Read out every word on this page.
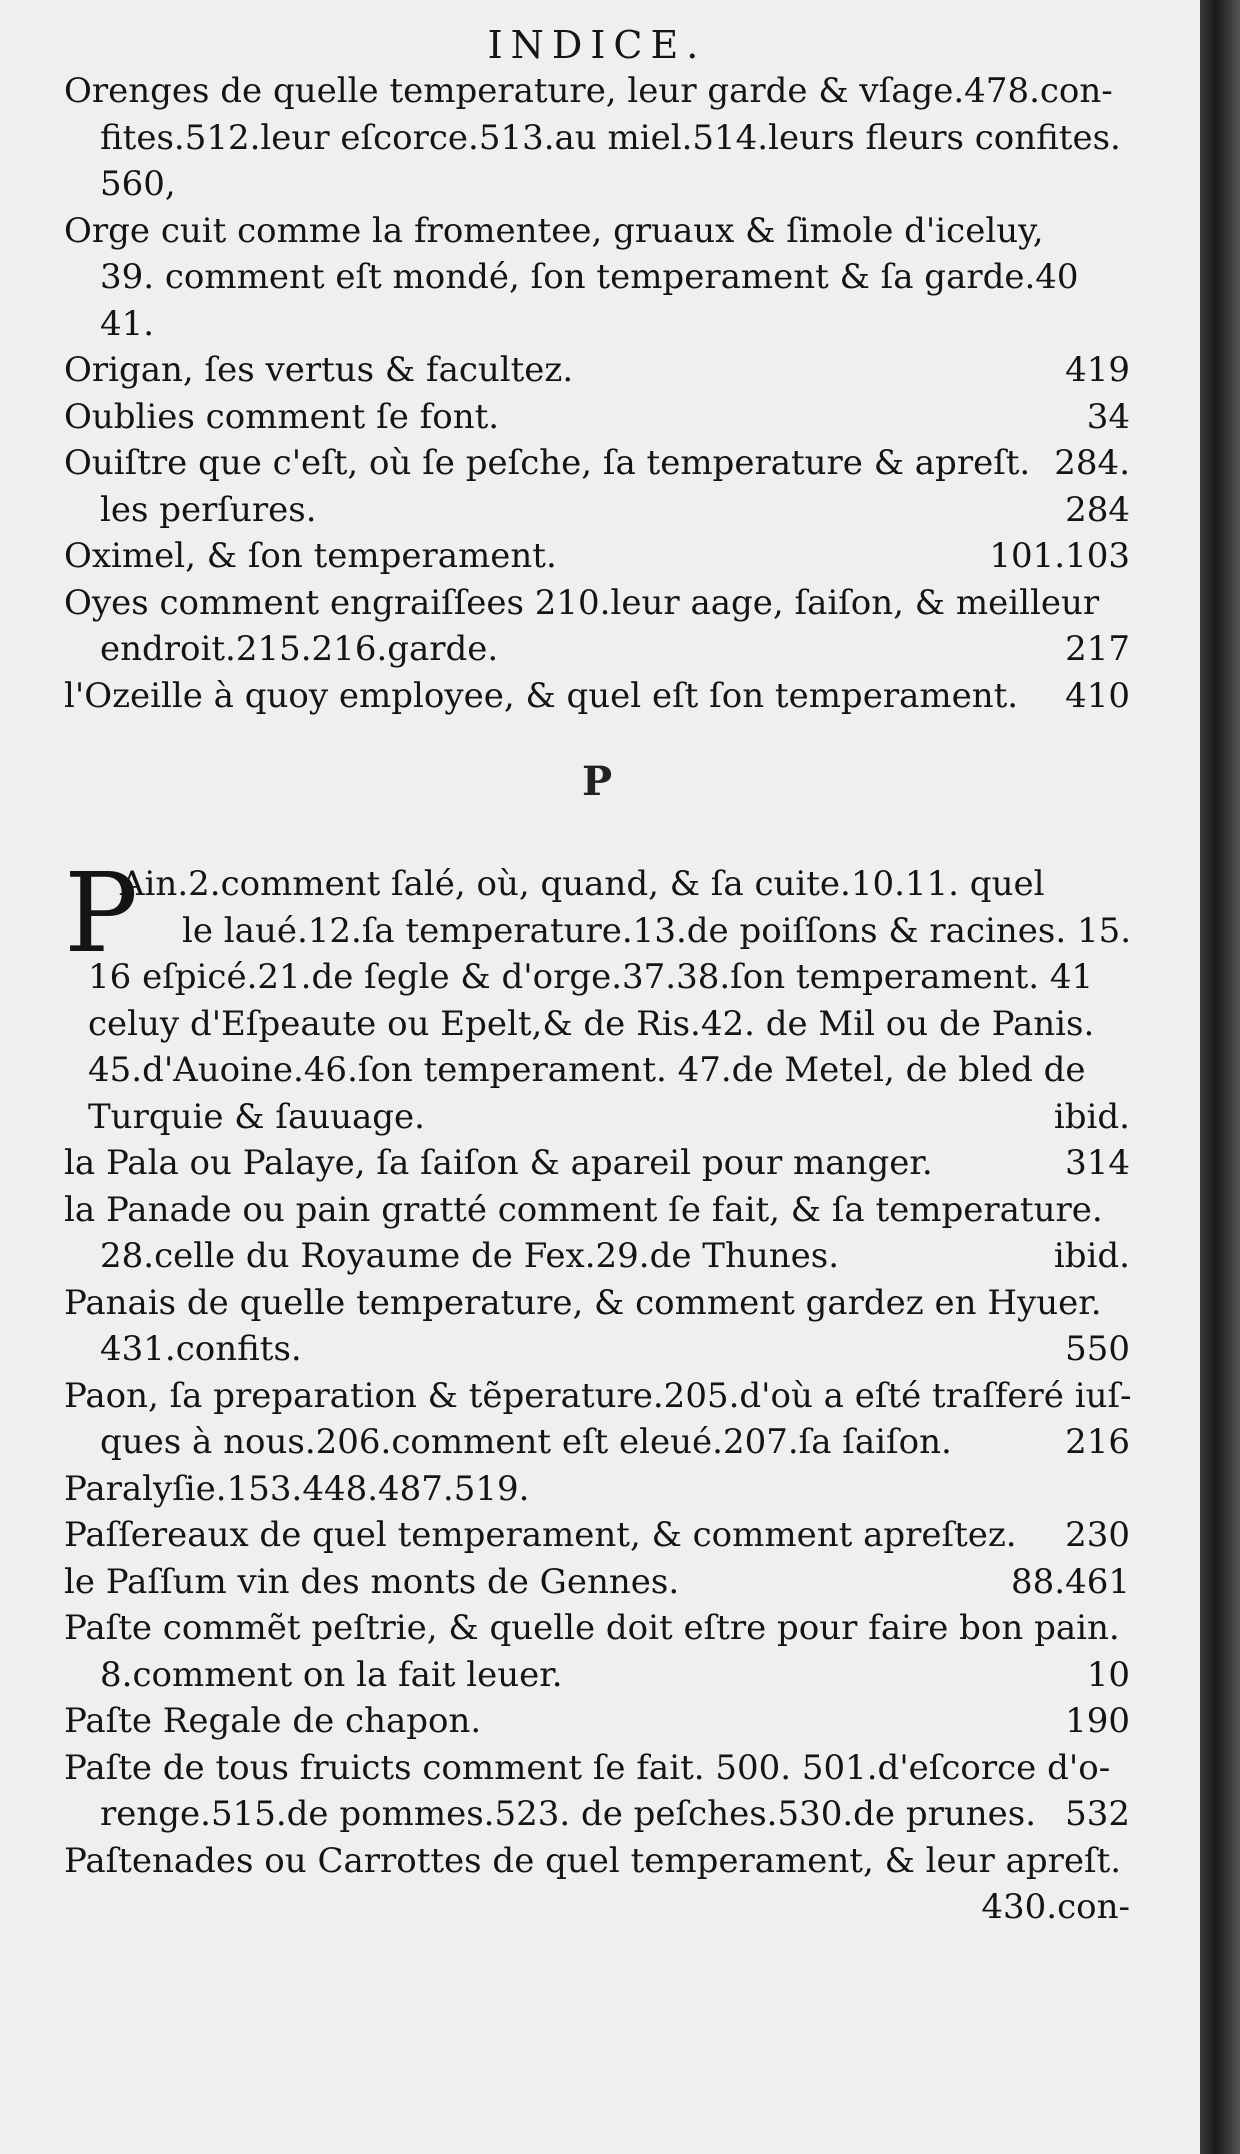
INDICE.
Orenges de quelle temperature, leur garde & vſage.478.con-
fites.512.leur eſcorce.513.au miel.514.leurs fleurs confites.
560,
Orge cuit comme la fromentee, gruaux & ſimole d'iceluy,
39. comment eſt mondé, ſon temperament & ſa garde.40
41.
Origan, ſes vertus & facultez.	419
Oublies comment ſe font.	34
Ouiſtre que c'eſt, où ſe peſche, ſa temperature & apreſt. 284.
les perſures.	284
Oximel, & ſon temperament.	101.103
Oyes comment engraiſſees 210.leur aage, ſaiſon, & meilleur
endroit.215.216.garde.	217
l'Ozeille à quoy employee, & quel eſt ſon temperament.	410
P
P
Ain.2.comment ſalé, où, quand, & ſa cuite.10.11. quel
le laué.12.ſa temperature.13.de poiſſons & racines. 15.
16 eſpicé.21.de ſegle & d'orge.37.38.ſon temperament. 41
celuy d'Eſpeaute ou Epelt,& de Ris.42. de Mil ou de Panis.
45.d'Auoine.46.ſon temperament. 47.de Metel, de bled de
Turquie & ſauuage.	ibid.
la Pala ou Palaye, ſa ſaiſon & apareil pour manger.	314
la Panade ou pain gratté comment ſe fait, & ſa temperature.
28.celle du Royaume de Fex.29.de Thunes.	ibid.
Panais de quelle temperature, & comment gardez en Hyuer.
431.confits.	550
Paon, ſa preparation & tẽperature.205.d'où a eſté traſferé iuſ-
ques à nous.206.comment eſt eleué.207.ſa ſaiſon.	216
Paralyſie.153.448.487.519.
Paſſereaux de quel temperament, & comment apreſtez.	230
le Paſſum vin des monts de Gennes.	88.461
Paſte commẽt peſtrie, & quelle doit eſtre pour faire bon pain.
8.comment on la fait leuer.	10
Paſte Regale de chapon.	190
Paſte de tous fruicts comment ſe fait. 500. 501.d'eſcorce d'o-
renge.515.de pommes.523. de peſches.530.de prunes. 532
Paſtenades ou Carrottes de quel temperament, & leur apreſt.
430.con-
